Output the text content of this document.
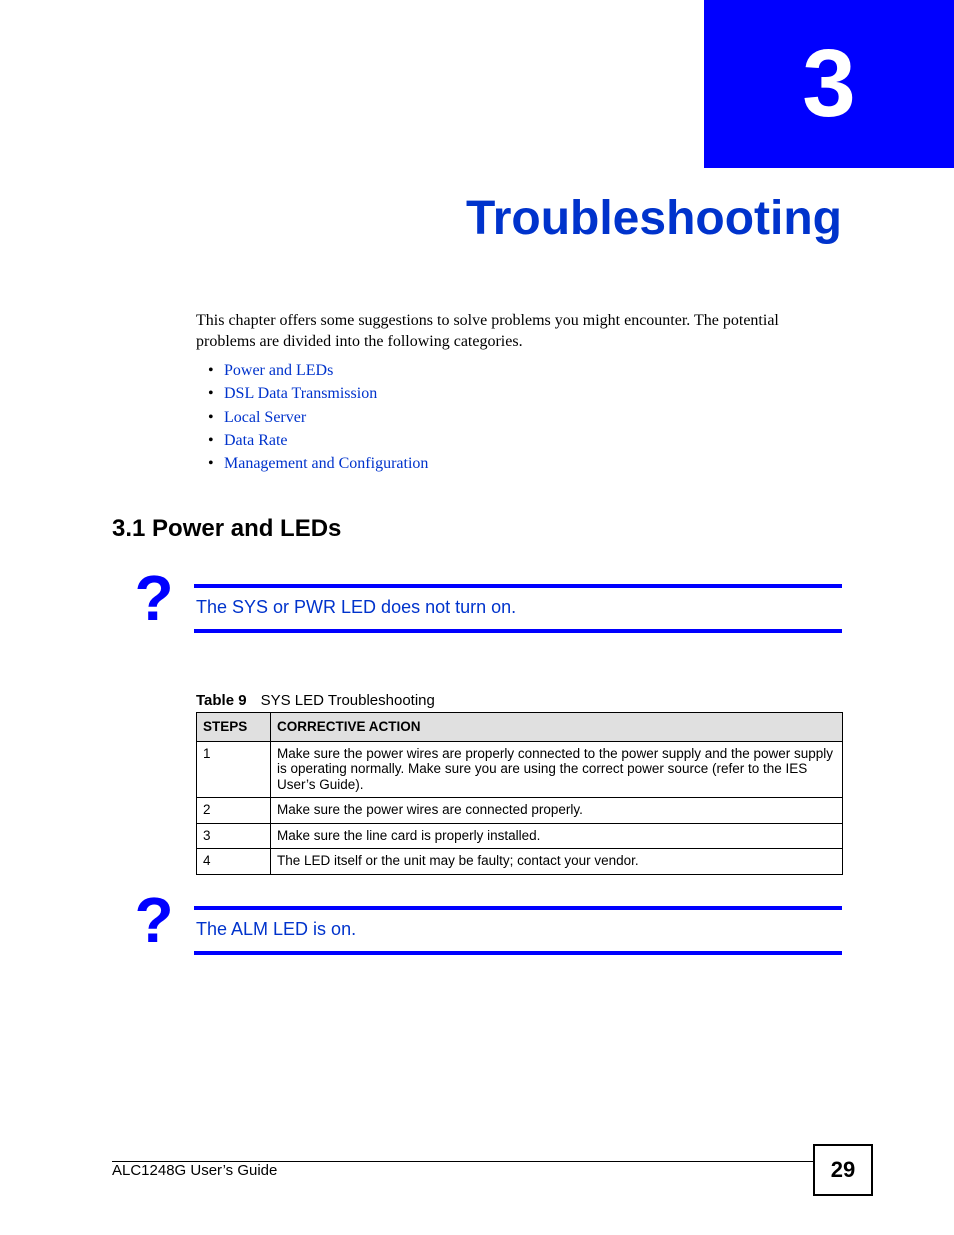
3
Troubleshooting

This chapter offers some suggestions to solve problems you might encounter. The potential problems are divided into the following categories.

• Power and LEDs
• DSL Data Transmission
• Local Server
• Data Rate
• Management and Configuration
3.1 Power and LEDs
? The SYS or PWR LED does not turn on.
Table 9 SYS LED Troubleshooting
STEPS	CORRECTIVE ACTION
1	Make sure the power wires are properly connected to the power supply and the power supply is operating normally. Make sure you are using the correct power source (refer to the IES User’s Guide).
2	Make sure the power wires are connected properly.
3	Make sure the line card is properly installed.
4	The LED itself or the unit may be faulty; contact your vendor.
? The ALM LED is on.
ALC1248G User’s Guide	29
